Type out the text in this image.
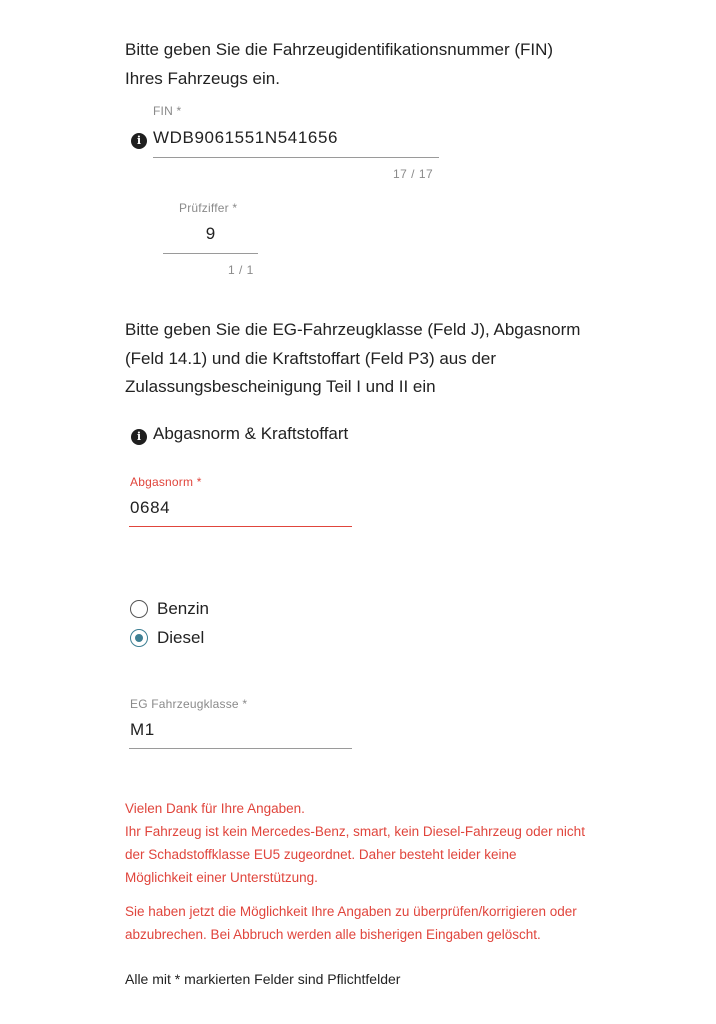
Bitte geben Sie die Fahrzeugidentifikationsnummer (FIN)
Ihres Fahrzeugs ein.
FIN *
i WDB9061551N541656
17 / 17
Prüfziffer *
9
1 / 1
Bitte geben Sie die EG-Fahrzeugklasse (Feld J), Abgasnorm
(Feld 14.1) und die Kraftstoffart (Feld P3) aus der
Zulassungsbescheinigung Teil I und II ein
i Abgasnorm & Kraftstoffart
Abgasnorm *
0684
Benzin
Diesel
EG Fahrzeugklasse *
M1
Vielen Dank für Ihre Angaben.
Ihr Fahrzeug ist kein Mercedes-Benz, smart, kein Diesel-Fahrzeug oder nicht
der Schadstoffklasse EU5 zugeordnet. Daher besteht leider keine
Möglichkeit einer Unterstützung.
Sie haben jetzt die Möglichkeit Ihre Angaben zu überprüfen/korrigieren oder
abzubrechen. Bei Abbruch werden alle bisherigen Eingaben gelöscht.
Alle mit * markierten Felder sind Pflichtfelder
